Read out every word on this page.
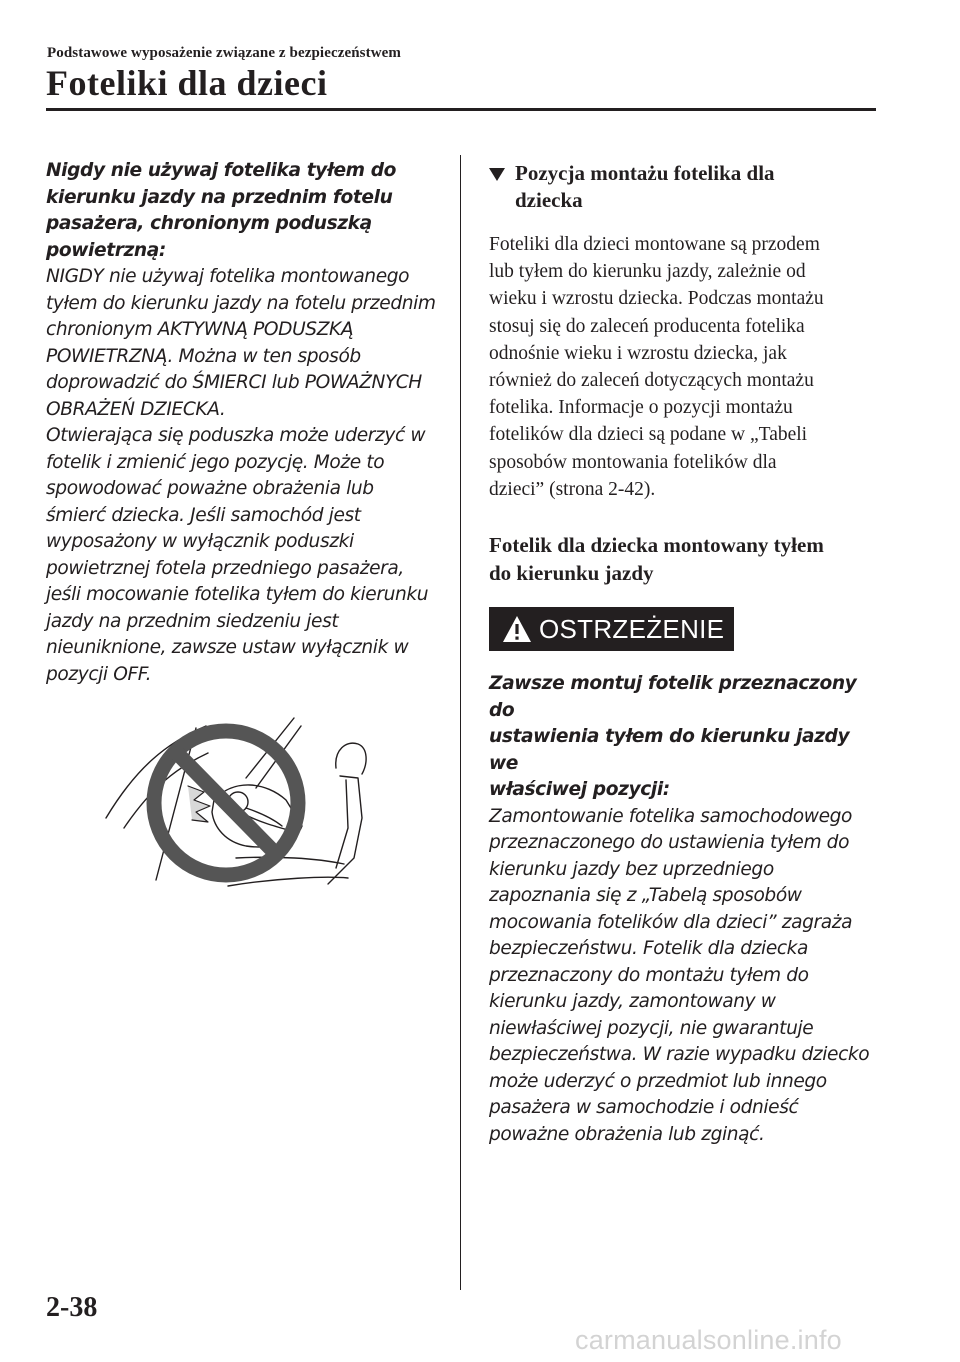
Podstawowe wyposażenie związane z bezpieczeństwem
Foteliki dla dzieci

Nigdy nie używaj fotelika tyłem do
kierunku jazdy na przednim fotelu
pasażera, chronionym poduszką
powietrzną:

NIGDY nie używaj fotelika montowanego
tyłem do kierunku jazdy na fotelu przednim
chronionym AKTYWNĄ PODUSZKĄ
POWIETRZNĄ. Można w ten sposób
doprowadzić do ŚMIERCI lub POWAŻNYCH
OBRAŻEŃ DZIECKA.
Otwierająca się poduszka może uderzyć w
fotelik i zmienić jego pozycję. Może to
spowodować poważne obrażenia lub
śmierć dziecka. Jeśli samochód jest
wyposażony w wyłącznik poduszki
powietrznej fotela przedniego pasażera,
jeśli mocowanie fotelika tyłem do kierunku
jazdy na przednim siedzeniu jest
nieuniknione, zawsze ustaw wyłącznik w
pozycji OFF.

Pozycja montażu fotelika dla
dziecka

Foteliki dla dzieci montowane są przodem
lub tyłem do kierunku jazdy, zależnie od
wieku i wzrostu dziecka. Podczas montażu
stosuj się do zaleceń producenta fotelika
odnośnie wieku i wzrostu dziecka, jak
również do zaleceń dotyczących montażu
fotelika. Informacje o pozycji montażu
fotelików dla dzieci są podane w „Tabeli
sposobów montowania fotelików dla
dzieci” (strona 2-42).

Fotelik dla dziecka montowany tyłem
do kierunku jazdy

OSTRZEŻENIE

Zawsze montuj fotelik przeznaczony do
ustawienia tyłem do kierunku jazdy we
właściwej pozycji:

Zamontowanie fotelika samochodowego
przeznaczonego do ustawienia tyłem do
kierunku jazdy bez uprzedniego
zapoznania się z „Tabelą sposobów
mocowania fotelików dla dzieci” zagraża
bezpieczeństwu. Fotelik dla dziecka
przeznaczony do montażu tyłem do
kierunku jazdy, zamontowany w
niewłaściwej pozycji, nie gwarantuje
bezpieczeństwa. W razie wypadku dziecko
może uderzyć o przedmiot lub innego
pasażera w samochodzie i odnieść
poważne obrażenia lub zginąć.

2-38
carmanualsonline.info
